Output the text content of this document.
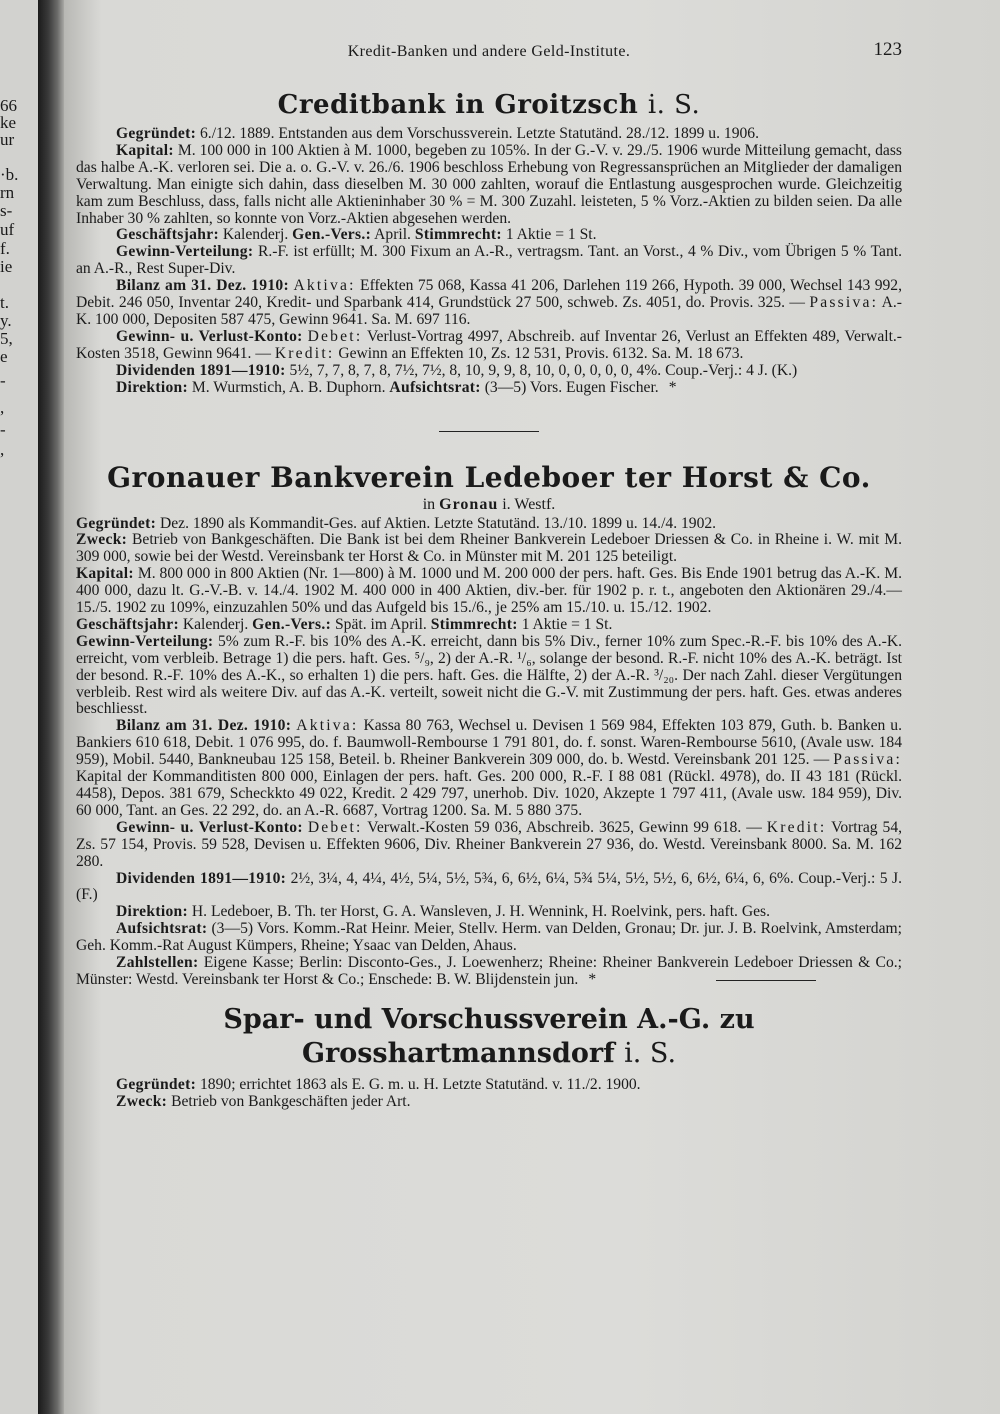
66
ke
ur
·b.
rn
s-
uf
f.
ie
t.
y.
5,
e
-
,
-
,
Kredit-Banken und andere Geld-Institute.	123
Creditbank in Groitzsch i. S.

Gegründet: 6./12. 1889. Entstanden aus dem Vorschussverein. Letzte Statutänd. 28./12. 1899 u. 1906.

Kapital: M. 100 000 in 100 Aktien à M. 1000, begeben zu 105%. In der G.-V. v. 29./5. 1906 wurde Mitteilung gemacht, dass das halbe A.-K. verloren sei. Die a. o. G.-V. v. 26./6. 1906 beschloss Erhebung von Regressansprüchen an Mitglieder der damaligen Verwaltung. Man einigte sich dahin, dass dieselben M. 30 000 zahlten, worauf die Entlastung ausgesprochen wurde. Gleichzeitig kam zum Beschluss, dass, falls nicht alle Aktieninhaber 30 % = M. 300 Zuzahl. leisteten, 5 % Vorz.-Aktien zu bilden seien. Da alle Inhaber 30 % zahlten, so konnte von Vorz.-Aktien abgesehen werden.

Geschäftsjahr: Kalenderj. Gen.-Vers.: April. Stimmrecht: 1 Aktie = 1 St.

Gewinn-Verteilung: R.-F. ist erfüllt; M. 300 Fixum an A.-R., vertragsm. Tant. an Vorst., 4 % Div., vom Übrigen 5 % Tant. an A.-R., Rest Super-Div.

Bilanz am 31. Dez. 1910: Aktiva: Effekten 75 068, Kassa 41 206, Darlehen 119 266, Hypoth. 39 000, Wechsel 143 992, Debit. 246 050, Inventar 240, Kredit- und Sparbank 414, Grundstück 27 500, schweb. Zs. 4051, do. Provis. 325. — Passiva: A.-K. 100 000, Depositen 587 475, Gewinn 9641. Sa. M. 697 116.

Gewinn- u. Verlust-Konto: Debet: Verlust-Vortrag 4997, Abschreib. auf Inventar 26, Verlust an Effekten 489, Verwalt.-Kosten 3518, Gewinn 9641. — Kredit: Gewinn an Effekten 10, Zs. 12 531, Provis. 6132. Sa. M. 18 673.

Dividenden 1891—1910: 5½, 7, 7, 8, 7, 8, 7½, 7½, 8, 10, 9, 9, 8, 10, 0, 0, 0, 0, 0, 4%. Coup.-Verj.: 4 J. (K.)

Direktion: M. Wurmstich, A. B. Duphorn. Aufsichtsrat: (3—5) Vors. Eugen Fischer. *

Gronauer Bankverein Ledeboer ter Horst & Co.
in Gronau i. Westf.

Gegründet: Dez. 1890 als Kommandit-Ges. auf Aktien. Letzte Statutänd. 13./10. 1899 u. 14./4. 1902.

Zweck: Betrieb von Bankgeschäften. Die Bank ist bei dem Rheiner Bankverein Ledeboer Driessen & Co. in Rheine i. W. mit M. 309 000, sowie bei der Westd. Vereinsbank ter Horst & Co. in Münster mit M. 201 125 beteiligt.

Kapital: M. 800 000 in 800 Aktien (Nr. 1—800) à M. 1000 und M. 200 000 der pers. haft. Ges. Bis Ende 1901 betrug das A.-K. M. 400 000, dazu lt. G.-V.-B. v. 14./4. 1902 M. 400 000 in 400 Aktien, div.-ber. für 1902 p. r. t., angeboten den Aktionären 29./4.—15./5. 1902 zu 109%, einzuzahlen 50% und das Aufgeld bis 15./6., je 25% am 15./10. u. 15./12. 1902.

Geschäftsjahr: Kalenderj. Gen.-Vers.: Spät. im April. Stimmrecht: 1 Aktie = 1 St.

Gewinn-Verteilung: 5% zum R.-F. bis 10% des A.-K. erreicht, dann bis 5% Div., ferner 10% zum Spec.-R.-F. bis 10% des A.-K. erreicht, vom verbleib. Betrage 1) die pers. haft. Ges. ⁵/₉, 2) der A.-R. ¹/₆, solange der besond. R.-F. nicht 10% des A.-K. beträgt. Ist der besond. R.-F. 10% des A.-K., so erhalten 1) die pers. haft. Ges. die Hälfte, 2) der A.-R. ³/₂₀. Der nach Zahl. dieser Vergütungen verbleib. Rest wird als weitere Div. auf das A.-K. verteilt, soweit nicht die G.-V. mit Zustimmung der pers. haft. Ges. etwas anderes beschliesst.

Bilanz am 31. Dez. 1910: Aktiva: Kassa 80 763, Wechsel u. Devisen 1 569 984, Effekten 103 879, Guth. b. Banken u. Bankiers 610 618, Debit. 1 076 995, do. f. Baumwoll-Rembourse 1 791 801, do. f. sonst. Waren-Rembourse 5610, (Avale usw. 184 959), Mobil. 5440, Bankneubau 125 158, Beteil. b. Rheiner Bankverein 309 000, do. b. Westd. Vereinsbank 201 125. — Passiva: Kapital der Kommanditisten 800 000, Einlagen der pers. haft. Ges. 200 000, R.-F. I 88 081 (Rückl. 4978), do. II 43 181 (Rückl. 4458), Depos. 381 679, Scheckkto 49 022, Kredit. 2 429 797, unerhob. Div. 1020, Akzepte 1 797 411, (Avale usw. 184 959), Div. 60 000, Tant. an Ges. 22 292, do. an A.-R. 6687, Vortrag 1200. Sa. M. 5 880 375.

Gewinn- u. Verlust-Konto: Debet: Verwalt.-Kosten 59 036, Abschreib. 3625, Gewinn 99 618. — Kredit: Vortrag 54, Zs. 57 154, Provis. 59 528, Devisen u. Effekten 9606, Div. Rheiner Bankverein 27 936, do. Westd. Vereinsbank 8000. Sa. M. 162 280.

Dividenden 1891—1910: 2½, 3¼, 4, 4¼, 4½, 5¼, 5½, 5¾, 6, 6½, 6¼, 5¾ 5¼, 5½, 5½, 6, 6½, 6¼, 6, 6%. Coup.-Verj.: 5 J. (F.)

Direktion: H. Ledeboer, B. Th. ter Horst, G. A. Wansleven, J. H. Wennink, H. Roelvink, pers. haft. Ges.

Aufsichtsrat: (3—5) Vors. Komm.-Rat Heinr. Meier, Stellv. Herm. van Delden, Gronau; Dr. jur. J. B. Roelvink, Amsterdam; Geh. Komm.-Rat August Kümpers, Rheine; Ysaac van Delden, Ahaus.

Zahlstellen: Eigene Kasse; Berlin: Disconto-Ges., J. Loewenherz; Rheine: Rheiner Bankverein Ledeboer Driessen & Co.; Münster: Westd. Vereinsbank ter Horst & Co.; Enschede: B. W. Blijdenstein jun. *

Spar- und Vorschussverein A.-G. zu Grosshartmannsdorf i. S.

Gegründet: 1890; errichtet 1863 als E. G. m. u. H. Letzte Statutänd. v. 11./2. 1900.

Zweck: Betrieb von Bankgeschäften jeder Art.
